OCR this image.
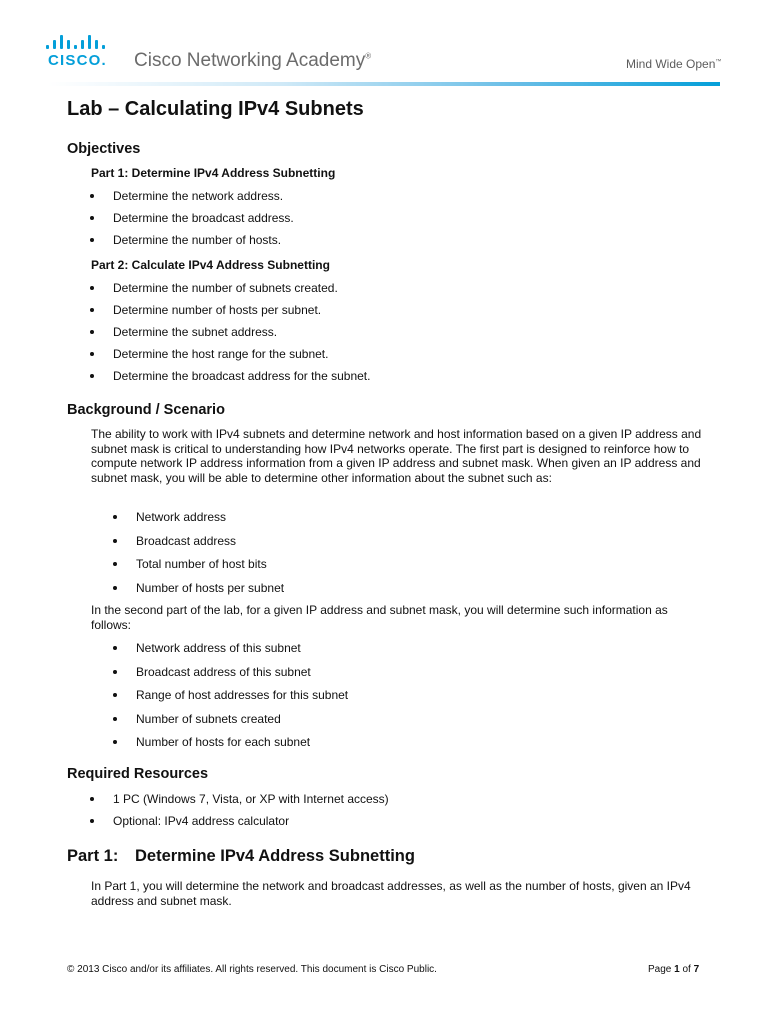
CISCO. Cisco Networking Academy®
Mind Wide Open™
Lab – Calculating IPv4 Subnets
Objectives
Part 1: Determine IPv4 Address Subnetting
Determine the network address.
Determine the broadcast address.
Determine the number of hosts.
Part 2: Calculate IPv4 Address Subnetting
Determine the number of subnets created.
Determine number of hosts per subnet.
Determine the subnet address.
Determine the host range for the subnet.
Determine the broadcast address for the subnet.
Background / Scenario

The ability to work with IPv4 subnets and determine network and host information based on a given IP address and subnet mask is critical to understanding how IPv4 networks operate. The first part is designed to reinforce how to compute network IP address information from a given IP address and subnet mask. When given an IP address and subnet mask, you will be able to determine other information about the subnet such as:

Network address
Broadcast address
Total number of host bits
Number of hosts per subnet

In the second part of the lab, for a given IP address and subnet mask, you will determine such information as follows:

Network address of this subnet
Broadcast address of this subnet
Range of host addresses for this subnet
Number of subnets created
Number of hosts for each subnet
Required Resources
1 PC (Windows 7, Vista, or XP with Internet access)
Optional: IPv4 address calculator
Part 1: Determine IPv4 Address Subnetting

In Part 1, you will determine the network and broadcast addresses, as well as the number of hosts, given an IPv4 address and subnet mask.

© 2013 Cisco and/or its affiliates. All rights reserved. This document is Cisco Public.	Page 1 of 7
